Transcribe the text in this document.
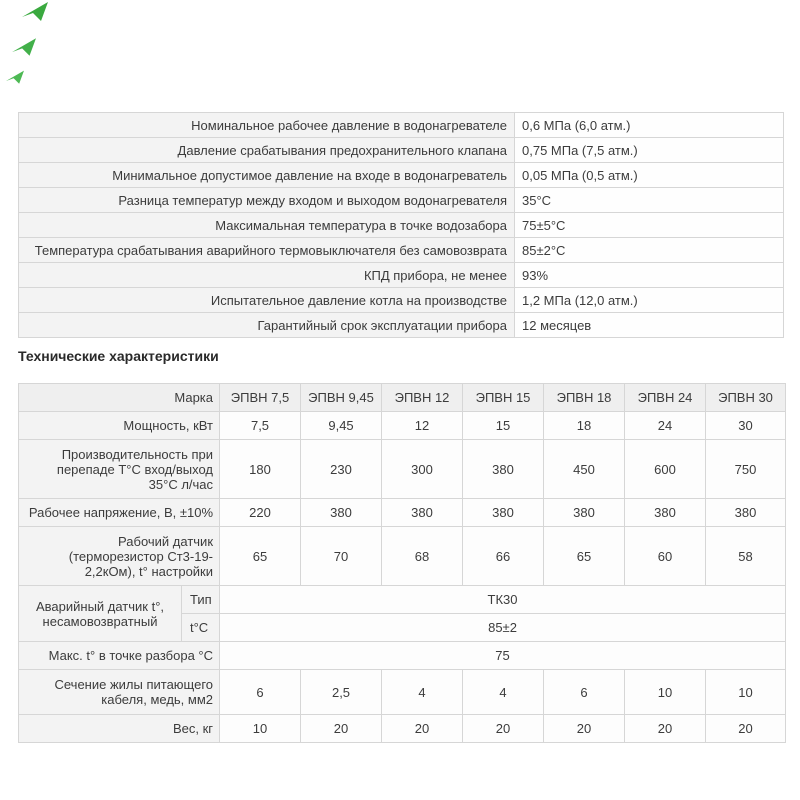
Номинальное рабочее давление в водонагревателе	0,6 МПа (6,0 атм.)
Давление срабатывания предохранительного клапана	0,75 МПа (7,5 атм.)
Минимальное допустимое давление на входе в водонагреватель	0,05 МПа (0,5 атм.)
Разница температур между входом и выходом водонагревателя	35°С
Максимальная температура в точке водозабора	75±5°С
Температура срабатывания аварийного термовыключателя без самовозврата	85±2°С
КПД прибора, не менее	93%
Испытательное давление котла на производстве	1,2 МПа (12,0 атм.)
Гарантийный срок эксплуатации прибора	12 месяцев
Технические характеристики
Марка		ЭПВН 7,5	ЭПВН 9,45	ЭПВН 12	ЭПВН 15	ЭПВН 18	ЭПВН 24	ЭПВН 30
Мощность, кВт		7,5	9,45	12	15	18	24	30
Производительность при перепаде Т°С вход/выход 35°С л/час		180	230	300	380	450	600	750
Рабочее напряжение, В, ±10%		220	380	380	380	380	380	380
Рабочий датчик (терморезистор Ст3-19-2,2кОм), t° настройки		65	70	68	66	65	60	58
Аварийный датчик t°, несамовозвратный	Тип	ТК30						
	t°С	85±2						
Макс. t° в точке разбора °С		75						
Сечение жилы питающего кабеля, медь, мм2		6	2,5	4	4	6	10	10
Вес, кг		10	20	20	20	20	20	20
